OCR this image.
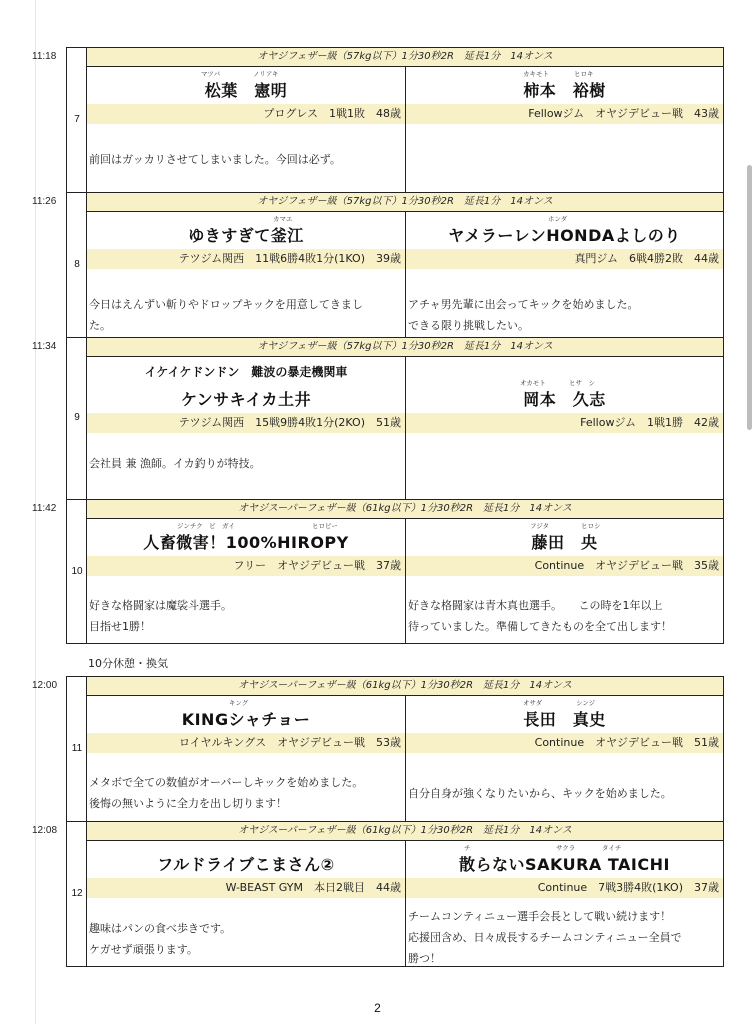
11:18
7
オヤジフェザー級（57kg以下）1分30秒2R　延長1分　14オンス
マツバ	ノリアキ
松葉　憲明
プログレス　1戦1敗　48歳
前回はガッカリさせてしまいました。今回は必ず。
カキモト	ヒロキ
柿本　裕樹
Fellowジム　オヤジデビュー戦　43歳
11:26
8
オヤジフェザー級（57kg以下）1分30秒2R　延長1分　14オンス
カマエ
ゆきすぎて釜江
テツジム関西　11戦6勝4敗1分(1KO)　39歳
今日はえんずい斬りやドロップキックを用意してきまし
た。
ホンダ
ヤメラーレンHONDAよしのり
真門ジム　6戦4勝2敗　44歳
アチャ男先輩に出会ってキックを始めました。
できる限り挑戦したい。
11:34
9
オヤジフェザー級（57kg以下）1分30秒2R　延長1分　14オンス
イケイケドンドン　難波の暴走機関車
ケンサキイカ土井
テツジム関西　15戦9勝4敗1分(2KO)　51歳
会社員 兼 漁師。イカ釣りが特技。
オカモト	ヒサ　シ
岡本　久志
Fellowジム　1戦1勝　42歳
11:42
10
オヤジスーパーフェザー級（61kg以下）1分30秒2R　延長1分　14オンス
ジンチク　ビ　ガイ	ヒロピー
人畜微害！100%HIROPY
フリー　オヤジデビュー戦　37歳
好きな格闘家は魔裟斗選手。
目指せ1勝！
フジタ	ヒロシ
藤田　央
Continue　オヤジデビュー戦　35歳
好きな格闘家は青木真也選手。　　この時を1年以上
待っていました。準備してきたものを全て出します！
10分休憩・換気
12:00
11
オヤジスーパーフェザー級（61kg以下）1分30秒2R　延長1分　14オンス
キング
KINGシャチョー
ロイヤルキングス　オヤジデビュー戦　53歳
メタボで全ての数値がオーバーしキックを始めました。
後悔の無いように全力を出し切ります！
オサダ	シンジ
長田　真史
Continue　オヤジデビュー戦　51歳
自分自身が強くなりたいから、キックを始めました。
12:08
12
オヤジスーパーフェザー級（61kg以下）1分30秒2R　延長1分　14オンス
フルドライブこまさん②
W-BEAST GYM　本日2戦目　44歳
趣味はパンの食べ歩きです。
ケガせず頑張ります。
チ	サクラ	タイチ
散らないSAKURA TAICHI
Continue　7戦3勝4敗(1KO)　37歳
チームコンティニュー選手会長として戦い続けます！
応援団含め、日々成長するチームコンティニュー全員で
勝つ！
2
